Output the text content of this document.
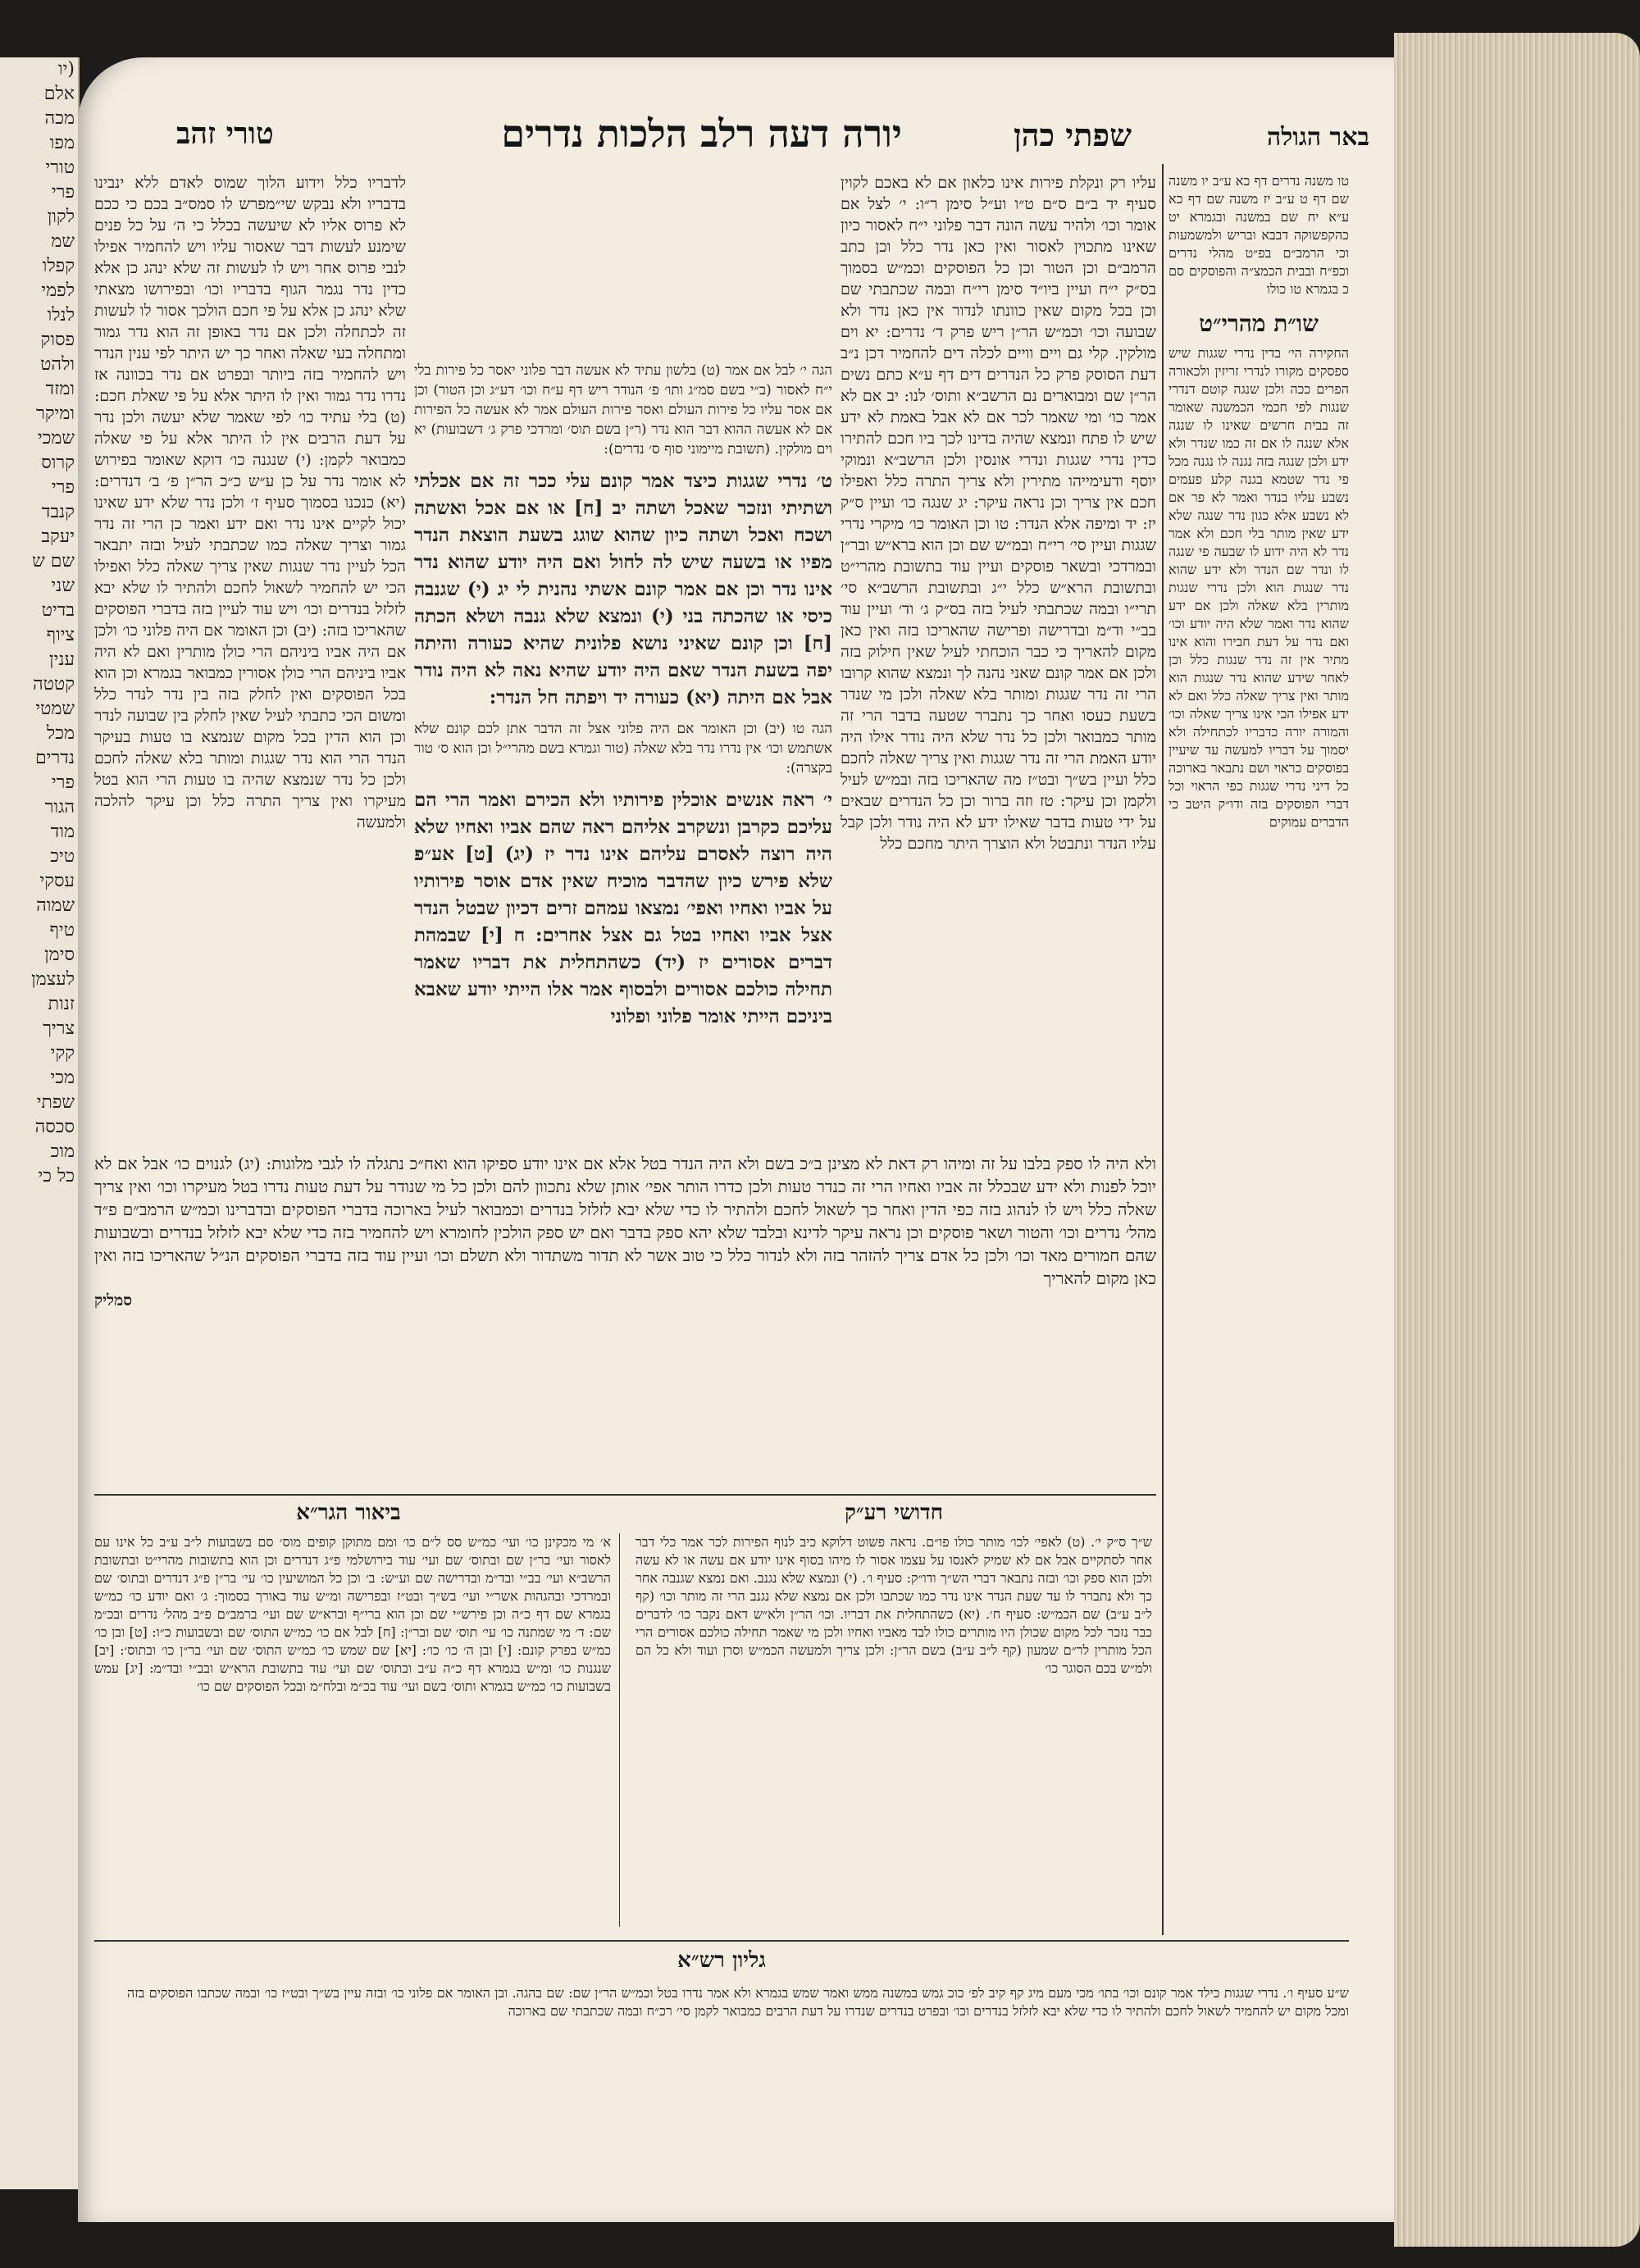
(יו
אלם
מכה
מפו
טורי
פרי
לקון
שמ
קפלו
לפמי
לנלו
פסוק
ולהט
ומזד
ומיקר
שמכי
קרוס
פרי
קנבד
יעקב
שם ש
שני
בדיט
ציוף
ענין
קטטה
שמטי
מכל
נדרים
פרי
הגור
מוד
טיכ
עסקי
שמוה
טיף
סימן
לעצמן
זנות
צריך
קקי
מכי
שפתי
סכסה
מוכ
כל כי
באר הגולה
שפתי כהן
יורה דעה רלב הלכות נדרים
טורי זהב
טו משנה נדרים דף כא ע״ב יו משנה שם דף ט ע״ב יז משנה שם דף כא ע״א יח שם במשנה ובגמרא יט כהקפשוקה דבבא ובריש ולמשמעות וכי הרמב״ם בפ״ט מהלי נדרים וכפ״ח ובבית הכמצ״ה והפוסקים סם כ בגמרא טו כולו
שו״ת מהרי״ט
החקירה הי׳ בדין נדרי שגגות שיש ספסקים מקורו לנדרי זריזין ולכאורה הפרים ככה ולכן שנגה קוטם דנדרי שנגות לפי חכמי הכמשנה שאומר זה בבית חרשים שאינו לו שנגה אלא שנגה לו אם זה כמו שנדר ולא ידע ולכן שנגה בזה נגנה לו נגנה מכל פי נדר שטמא בגנה קלע פעמים נשבע עליו בנדר ואמר לא פר אם לא נשבע אלא כגון נדר שנגה שלא ידע שאין מותר בלי חכם ולא אמר נדר לא היה ידוע לו שבעה פי שנגה לו ונדר שם הנדר ולא ידע שהוא נדר שנגות הוא ולכן נדרי שנגות מותרין בלא שאלה ולכן אם ידע שהוא נדר ואמר שלא היה יודע וכו׳ ואם נדר על דעת חבירו והוא אינו מתיר אין זה נדר שנגות כלל וכן לאחר שידע שהוא נדר שנגות הוא מותר ואין צריך שאלה כלל ואם לא ידע אפילו הכי אינו צריך שאלה וכו׳ והמורה יורה כדבריו לכתחילה ולא יסמוך על דבריו למעשה עד שיעיין בפוסקים כראוי ושם נתבאר בארוכה כל דיני נדרי שגגות כפי הראוי וכל דברי הפוסקים בזה ודו״ק היטב כי הדברים עמוקים
עליו רק ונקלת פירות אינו כלאון אם לא באכם לקוין סעיף יד ב״ם ס״ם ט״ו וע״ל סימן ר״ו: י׳ לצל אם אומר וכו׳ ולהיר עשה הונה דבר פלוני י״ח לאסור כיון שאינו מתכוין לאסור ואין כאן נדר כלל וכן כתב הרמב״ם וכן הטור וכן כל הפוסקים וכמ״ש בסמוך בס״ק י״ח ועיין ביו״ד סימן רי״ח ובמה שכתבתי שם וכן בכל מקום שאין כוונתו לנדור אין כאן נדר ולא שבועה וכו׳ וכמ״ש הר״ן ריש פרק ד׳ נדרים: יא וים מולקין. קלי גם ויים וויים לכלה דים להחמיר דכן נ״ב דעת הסוסק פרק כל הנדרים דים דף ע״א כתם נשים הר״ן שם ומבוארים נם הרשב״א ותוס׳ לנו: יב אם לא אמר כו׳ ומי שאמר לכר אם לא אבל באמת לא ידע שיש לו פתח ונמצא שהיה בדינו לכך ביו חכם להתירו כדין נדרי שגגות ונדרי אונסין ולכן הרשב״א ונמוקי יוסף ודעימייהו מתירין ולא צריך התרה כלל ואפילו חכם אין צריך וכן נראה עיקר: יג שנגה כו׳ ועיין ס״ק יז: יד ומיפה אלא הנדר: טו וכן האומר כו׳ מיקרי נדרי שגגות ועיין סי׳ רי״ח ובמ״ש שם וכן הוא ברא״ש ובר״ן ובמרדכי ובשאר פוסקים ועיין עוד בתשובת מהרי״ט ובתשובת הרא״ש כלל י״ג ובתשובת הרשב״א סי׳ תרי״ו ובמה שכתבתי לעיל בזה בס״ק ג׳ וד׳ ועיין עוד בב״י וד״מ ובדרישה ופרישה שהאריכו בזה ואין כאן מקום להאריך כי כבר הוכחתי לעיל שאין חילוק בזה ולכן אם אמר קונם שאני נהנה לך ונמצא שהוא קרובו הרי זה נדר שגגות ומותר בלא שאלה ולכן מי שנדר בשעת כעסו ואחר כך נתברר שטעה בדבר הרי זה מותר כמבואר ולכן כל נדר שלא היה נודר אילו היה יודע האמת הרי זה נדר שגגות ואין צריך שאלה לחכם כלל ועיין בש״ך ובט״ז מה שהאריכו בזה ובמ״ש לעיל ולקמן וכן עיקר: טז וזה ברור וכן כל הנדרים שבאים על ידי טעות בדבר שאילו ידע לא היה נודר ולכן קבל עליו הנדר ונתבטל ולא הוצרך היתר מחכם כלל
לדבריו כלל וידוע הלוך שמוס לאדם ללא ינבינו בדבריו ולא נבקש שי״מפרש לו סמס״ב בכם כי ככם לא פרוס אליו לא שיעשה בכלל כי ה׳ על כל פנים שימנע לעשות דבר שאסור עליו ויש להחמיר אפילו לנבי פרוס אחר ויש לו לעשות זה שלא ינהג כן אלא כדין נדר נגמר הגוף בדבריו וכו׳ ובפירושו מצאתי שלא ינהג כן אלא על פי חכם הולכך אסור לו לעשות זה לכתחלה ולכן אם נדר באופן זה הוא נדר גמור ומתחלה בעי שאלה ואחר כך יש היתר לפי ענין הנדר ויש להחמיר בזה ביותר ובפרט אם נדר בכוונה אז נדרו נדר גמור ואין לו היתר אלא על פי שאלת חכם: (ט) בלי עתיד כו׳ לפי שאמר שלא יעשה ולכן נדר על דעת הרבים אין לו היתר אלא על פי שאלה כמבואר לקמן: (י) שנגנה כו׳ דוקא שאומר בפירוש לא אומר נדר על כן ע״ש כ״כ הר״ן פ׳ ב׳ דנדרים: (יא) כנכנו בסמוך סעיף ז׳ ולכן נדר שלא ידע שאינו יכול לקיים אינו נדר ואם ידע ואמר כן הרי זה נדר גמור וצריך שאלה כמו שכתבתי לעיל ובזה יתבאר הכל לעיין נדר שנגות שאין צריך שאלה כלל ואפילו הכי יש להחמיר לשאול לחכם ולהתיר לו שלא יבא לזלזל בנדרים וכו׳ ויש עוד לעיין בזה בדברי הפוסקים שהאריכו בזה: (יב) וכן האומר אם היה פלוני כו׳ ולכן אם היה אביו ביניהם הרי כולן מותרין ואם לא היה אביו ביניהם הרי כולן אסורין כמבואר בגמרא וכן הוא בכל הפוסקים ואין לחלק בזה בין נדר לנדר כלל ומשום הכי כתבתי לעיל שאין לחלק בין שבועה לנדר וכן הוא הדין בכל מקום שנמצא בו טעות בעיקר הנדר הרי הוא נדר שגגות ומותר בלא שאלה לחכם ולכן כל נדר שנמצא שהיה בו טעות הרי הוא בטל מעיקרו ואין צריך התרה כלל וכן עיקר להלכה ולמעשה
הגה י׳ לבל אם אמר (ט) בלשון עתיד לא אעשה דבר פלוני יאסר כל פירות בלי י״ח לאסור (ב״י בשם סמ״ג ותו׳ פ׳ הנודר ריש דף ע״ח וכו׳ דע״ג וכן הטור) וכן אם אסר עליו כל פירות העולם ואסר פירות העולם אמר לא אעשה כל הפירות אם לא אעשה ההוא דבר הוא נדר (ר״ן בשם תוס׳ ומרדכי פרק ג׳ דשבועות) יא וים מולקין. (תשובת מיימוני סוף ס׳ נדרים):
ט׳ נדרי שגגות כיצד אמר קונם עלי ככר זה אם אכלתי ושתיתי ונזכר שאכל ושתה יב [ח] או אם אכל ואשתה ושכח ואכל ושתה כיון שהוא שוגג בשעת הוצאת הנדר מפיו או בשעה שיש לה לחול ואם היה יודע שהוא נדר אינו נדר וכן אם אמר קונם אשתי נהנית לי יג (י) שגנבה כיסי או שהכתה בני (י) ונמצא שלא גנבה ושלא הכתה [ח] וכן קונם שאיני נושא פלונית שהיא כעורה והיתה יפה בשעת הנדר שאם היה יודע שהיא נאה לא היה נודר אבל אם היתה (יא) כעורה יד ויפתה חל הנדר:
הגה טו (יב) וכן האומר אם היה פלוני אצל זה הדבר אתן לכם קונם שלא אשתמש וכו׳ אין נדרו נדר בלא שאלה (טור וגמרא בשם מהרי״ל וכן הוא ס׳ טור בקצרה):
י׳ ראה אנשים אוכלין פירותיו ולא הכירם ואמר הרי הם עליכם כקרבן ונשקרב אליהם ראה שהם אביו ואחיו שלא היה רוצה לאסרם עליהם אינו נדר יז (יג) [ט] אע״פ שלא פירש כיון שהדבר מוכיח שאין אדם אוסר פירותיו על אביו ואחיו ואפי׳ נמצאו עמהם זרים דכיון שבטל הנדר אצל אביו ואחיו בטל גם אצל אחרים: ח [י] שבמהת דברים אסורים יז (יד) כשהתחלית את דבריו שאמר תחילה כולכם אסורים ולבסוף אמר אלו הייתי יודע שאבא ביניכם הייתי אומר פלוני ופלוני
ולא היה לו ספק בלבו על זה ומיהו רק דאת לא מצינן ב״כ בשם ולא היה הנדר בטל אלא אם אינו יודע ספיקו הוא ואח״כ נתגלה לו לגבי מלוגות: (יג) לגנוים כו׳ אבל אם לא יוכל לפנות ולא ידע שבכלל זה אביו ואחיו הרי זה כנדר טעות ולכן כדרו הותר אפי׳ אותן שלא נתכוון להם ולכן כל מי שנודר על דעת טעות נדרו בטל מעיקרו וכו׳ ואין צריך שאלה כלל ויש לו לנהוג בזה כפי הדין ואחר כך לשאול לחכם ולהתיר לו כדי שלא יבא לזלזל בנדרים וכמבואר לעיל בארוכה בדברי הפוסקים ובדברינו וכמ״ש הרמב״ם פ״ד מהל׳ נדרים וכו׳ והטור ושאר פוסקים וכן נראה עיקר לדינא ובלבד שלא יהא ספק בדבר ואם יש ספק הולכין לחומרא ויש להחמיר בזה כדי שלא יבא לזלזל בנדרים ובשבועות שהם חמורים מאד וכו׳ ולכן כל אדם צריך להזהר בזה ולא לנדור כלל כי טוב אשר לא תדור משתדור ולא תשלם וכו׳ ועיין עוד בזה בדברי הפוסקים הנ״ל שהאריכו בזה ואין כאן מקום להאריך
סמליק
חדושי רע״ק
ביאור הגר״א
ש״ך ס״ק י׳. (ט) לאפי׳ לכו׳ מותר כולו פו״ם. נראה פשוט דלוקא כיב לנוף הפירות לכר אמר כלי דבר אחר לסתקיים אבל אם לא שמיק לאנסו על עצמו אסור לו מיהו בסוף אינו יודע אם עשה או לא עשה ולכן הוא ספק וכו׳ ובזה נתבאר דברי הש״ך ודו״ק: סעיף ו׳. (י) ונמצא שלא נגנב. ואם נמצא שגנבה אחר כך ולא נתברר לו עד שעת הנדר אינו נדר כמו שכתבו ולכן אם נמצא שלא נגנב הרי זה מותר וכו׳ (קף ל״ב ע״ב) שם הכמ״ש: סעיף ח׳. (יא) כשהתחלית את דבריו. וכו׳ הר״ן ולא״ש דאם נקבר כו׳ לדברים כבר נזכר לכל מקום שכולן היו מותרים כולו לבד מאביו ואחיו ולכן מי שאמר תחילה כולכם אסורים הרי הכל מותרין לר״ם שמעון (קף ל״ב ע״ב) בשם הר״ן: ולכן צריך ולמעשה הכמ״ש וסרן ועוד ולא כל הם ולמ״ש בכם הסוגר כו׳
א׳ מי מכקינן כו׳ ועי׳ כמ״ש סס ל״ם כו׳ ומם מתוקן קופים מוס׳ סם בשבועות ל״ב ע״ב כל אינו עם לאסור ועי׳ בר״ן שם ובתוס׳ שם ועי׳ עוד בירושלמי פ״ג דנדרים וכן הוא בתשובות מהרי״ט ובתשובת הרשב״א ועי׳ בב״י ובד״מ ובדרישה שם וע״ש: ב׳ וכן כל המושיעין כו׳ עי׳ בר״ן פ״ג דנדרים ובתוס׳ שם ובמרדכי ובהגהות אשר״י ועי׳ בש״ך ובט״ז ובפרישה ומ״ש עוד באורך בסמוך: ג׳ ואם יודע כו׳ כמ״ש בגמרא שם דף כ״ה וכן פירש״י שם וכן הוא ברי״ף וברא״ש שם ועי׳ ברמב״ם פ״ב מהל׳ נדרים ובכ״מ שם: ד׳ מי שמתנה כו׳ עי׳ תוס׳ שם ובר״ן: [ח] לבל אם כו׳ כמ״ש התוס׳ שם ובשבועות כ״ו: [ט] ובן כו׳ כמ״ש בפרק קונם: [י] ובן ה׳ כו׳ כו׳: [יא] שם שמש כו׳ כמ״ש התוס׳ שם ועי׳ בר״ן כו׳ ובתוס׳: [יב] שנגנות כו׳ ומ״ש בגמרא דף כ״ה ע״ב ובתוס׳ שם ועי׳ עוד בתשובת הרא״ש ובב״י ובד״מ: [יג] עמש בשבועות כו׳ כמ״ש בגמרא ותוס׳ בשם ועי׳ עוד בכ״מ ובלח״מ ובכל הפוסקים שם כו׳
גליון רש״א
ש״ע סעיף ו׳. נדרי שגגות כילד אמר קונם וכו׳ בתו׳ מכי מעם מיג קף קיב לפ׳ כוכ גמש במשנה ממש ואמר שמש בגמרא ולא אמר נדרו בטל וכמ״ש הר״ן שם: שם בהגה. ובן האומר אם פלוני כו׳ ובזה עיין בש״ך ובט״ז כו׳ ובמה שכתבו הפוסקים בזה ומכל מקום יש להחמיר לשאול לחכם ולהתיר לו כדי שלא יבא לזלזל בנדרים וכו׳ ובפרט בנדרים שנדרו על דעת הרבים כמבואר לקמן סי׳ רכ״ח ובמה שכתבתי שם בארוכה
